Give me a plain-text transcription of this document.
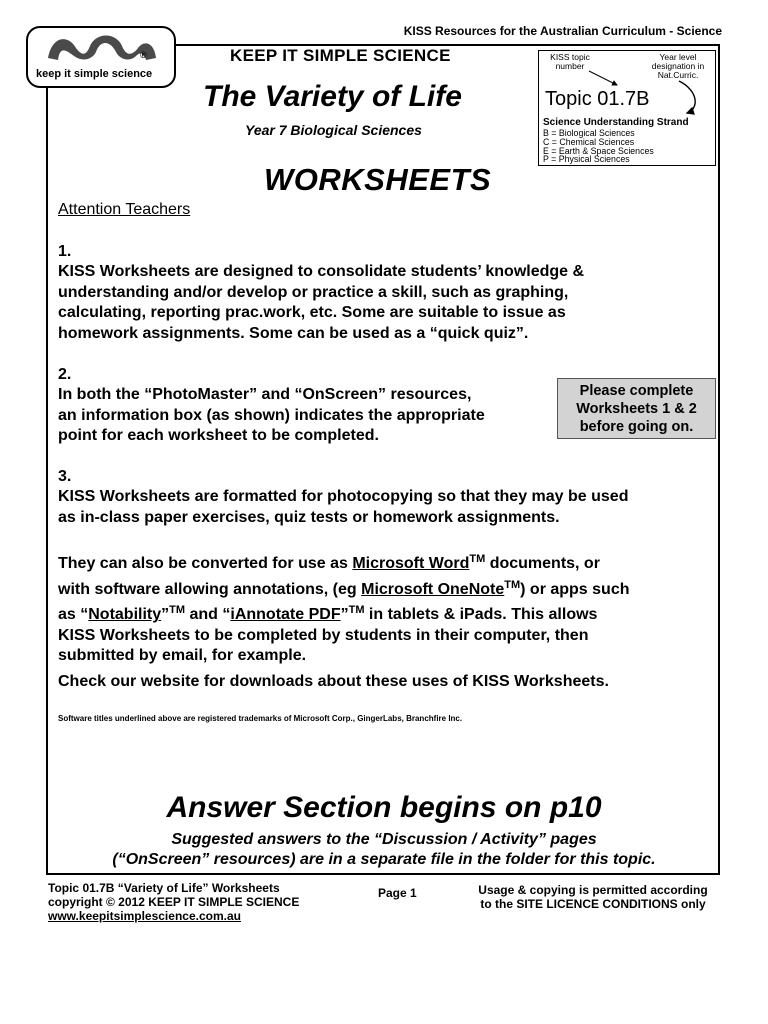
KISS Resources for the Australian Curriculum - Science
®
keep it simple science
KEEP IT SIMPLE SCIENCE
The Variety of Life
Year 7 Biological Sciences
WORKSHEETS
KISS topic
number
Year level
designation in
Nat.Curric.
Topic 01.7B
Science Understanding Strand
B = Biological Sciences
C = Chemical Sciences
E = Earth & Space Sciences
P = Physical Sciences
Attention Teachers
1.
KISS Worksheets are designed to consolidate students’ knowledge &
understanding and/or develop or practice a skill, such as graphing,
calculating, reporting prac.work, etc. Some are suitable to issue as
homework assignments. Some can be used as a “quick quiz”.
2.
In both the “PhotoMaster” and “OnScreen” resources,
an information box (as shown) indicates the appropriate
point for each worksheet to be completed.
Please complete
Worksheets 1 & 2
before going on.
3.
KISS Worksheets are formatted for photocopying so that they may be used
as in-class paper exercises, quiz tests or homework assignments.
They can also be converted for use as Microsoft Word™ documents, or
with software allowing annotations, (eg Microsoft OneNote™) or apps such
as “Notability”™ and “iAnnotate PDF”™ in tablets & iPads. This allows
KISS Worksheets to be completed by students in their computer, then
submitted by email, for example.
Check our website for downloads about these uses of KISS Worksheets.
Software titles underlined above are registered trademarks of Microsoft Corp., GingerLabs, Branchfire Inc.
Answer Section begins on p10
Suggested answers to the “Discussion / Activity” pages
(“OnScreen” resources) are in a separate file in the folder for this topic.
Topic 01.7B “Variety of Life” Worksheets
copyright © 2012 KEEP IT SIMPLE SCIENCE
www.keepitsimplescience.com.au
Page 1	Usage & copying is permitted according
to the SITE LICENCE CONDITIONS only
